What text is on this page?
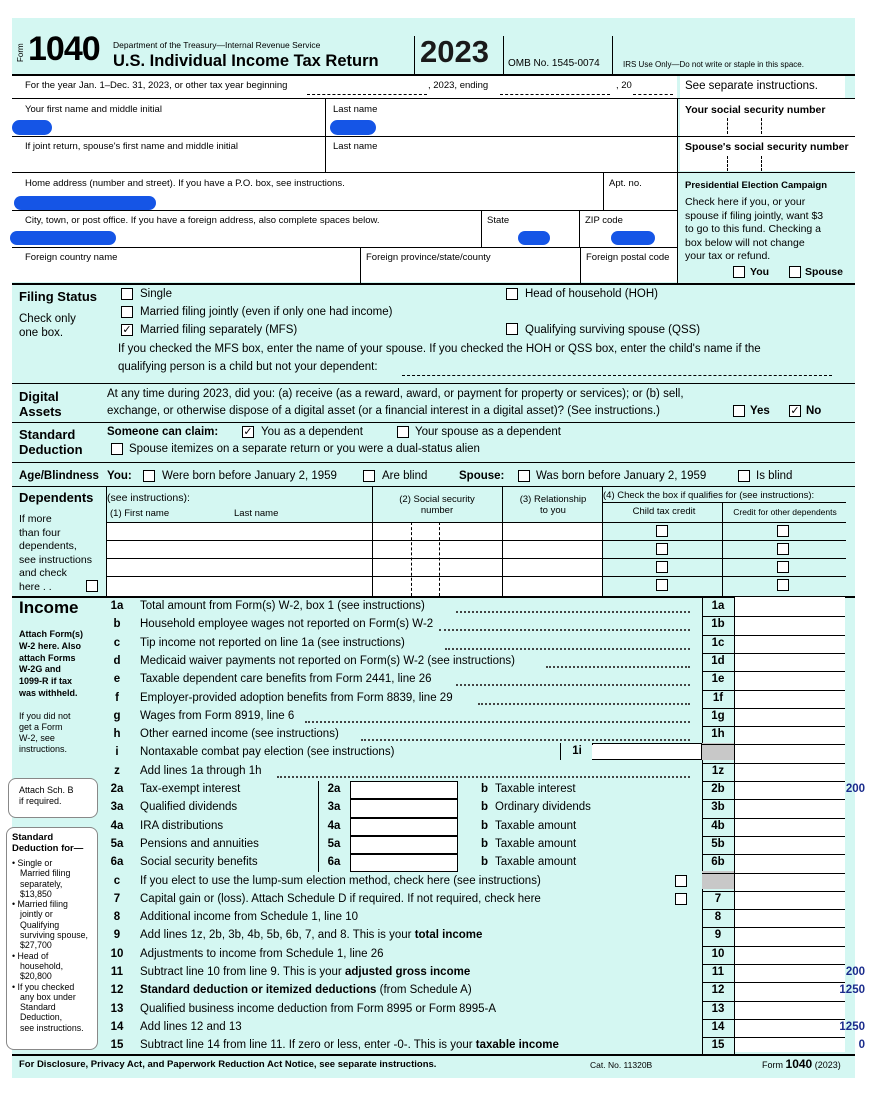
Form 1040 Department of the Treasury—Internal Revenue Service
U.S. Individual Income Tax Return 2023 OMB No. 1545-0074	IRS Use Only—Do not write or staple in this space.
For the year Jan. 1–Dec. 31, 2023, or other tax year beginning	, 2023, ending	, 20	See separate instructions.
Your first name and middle initial	Last name	Your social security number
If joint return, spouse's first name and middle initial	Last name	Spouse's social security number
Home address (number and street). If you have a P.O. box, see instructions.	Apt. no.
City, town, or post office. If you have a foreign address, also complete spaces below.	State	ZIP code
Foreign country name	Foreign province/state/county	Foreign postal code
Presidential Election Campaign
Check here if you, or your
spouse if filing jointly, want $3
to go to this fund. Checking a
box below will not change
your tax or refund.
You	Spouse
Filing Status
Check only
one box.
Single
Married filing jointly (even if only one had income)
✓ Married filing separately (MFS)
Head of household (HOH)
Qualifying surviving spouse (QSS)
If you checked the MFS box, enter the name of your spouse. If you checked the HOH or QSS box, enter the child's name if the
qualifying person is a child but not your dependent:
Digital
Assets
At any time during 2023, did you: (a) receive (as a reward, award, or payment for property or services); or (b) sell,
exchange, or otherwise dispose of a digital asset (or a financial interest in a digital asset)? (See instructions.)	Yes ✓ No
Standard
Deduction
Someone can claim: ✓ You as a dependent	Your spouse as a dependent
Spouse itemizes on a separate return or you were a dual-status alien
Age/Blindness You:	Were born before January 2, 1959	Are blind	Spouse:	Was born before January 2, 1959	Is blind
Dependents (see instructions):
(1) First name	Last name
(2) Social security
number
(3) Relationship
to you
(4) Check the box if qualifies for (see instructions):
Child tax credit	Credit for other dependents
If more
than four
dependents,
see instructions
and check
here . .
Income
Attach Form(s)
W-2 here. Also
attach Forms
W-2G and
1099-R if tax
was withheld.
If you did not
get a Form
W-2, see
instructions.
Attach Sch. B
if required.
Standard
Deduction for—
• Single or
Married filing
separately,
$13,850
• Married filing
jointly or
Qualifying
surviving spouse,
$27,700
• Head of
household,
$20,800
• If you checked
any box under
Standard
Deduction,
see instructions.
1i
1a	Total amount from Form(s) W-2, box 1 (see instructions)	1a
b	Household employee wages not reported on Form(s) W-2	1b
c	Tip income not reported on line 1a (see instructions)	1c
d	Medicaid waiver payments not reported on Form(s) W-2 (see instructions)	1d
e	Taxable dependent care benefits from Form 2441, line 26	1e
f	Employer-provided adoption benefits from Form 8839, line 29	1f
g	Wages from Form 8919, line 6	1g
h	Other earned income (see instructions)	1h
i	Nontaxable combat pay election (see instructions)
z	Add lines 1a through 1h	1z
2a	Tax-exempt interest	2a	b Taxable interest	2b	200
3a	Qualified dividends	3a	b Ordinary dividends	3b
4a	IRA distributions	4a	b Taxable amount	4b
5a	Pensions and annuities	5a	b Taxable amount	5b
6a	Social security benefits	6a	b Taxable amount	6b
c	If you elect to use the lump-sum election method, check here (see instructions)
7	Capital gain or (loss). Attach Schedule D if required. If not required, check here	7
8	Additional income from Schedule 1, line 10	8
9	Add lines 1z, 2b, 3b, 4b, 5b, 6b, 7, and 8. This is your total income	9
10	Adjustments to income from Schedule 1, line 26	10
11	Subtract line 10 from line 9. This is your adjusted gross income	11	200
12	Standard deduction or itemized deductions (from Schedule A)	12	1250
13	Qualified business income deduction from Form 8995 or Form 8995-A	13
14	Add lines 12 and 13	14	1250
15	Subtract line 14 from line 11. If zero or less, enter -0-. This is your taxable income	15	0
For Disclosure, Privacy Act, and Paperwork Reduction Act Notice, see separate instructions.	Cat. No. 11320B	Form 1040 (2023)
